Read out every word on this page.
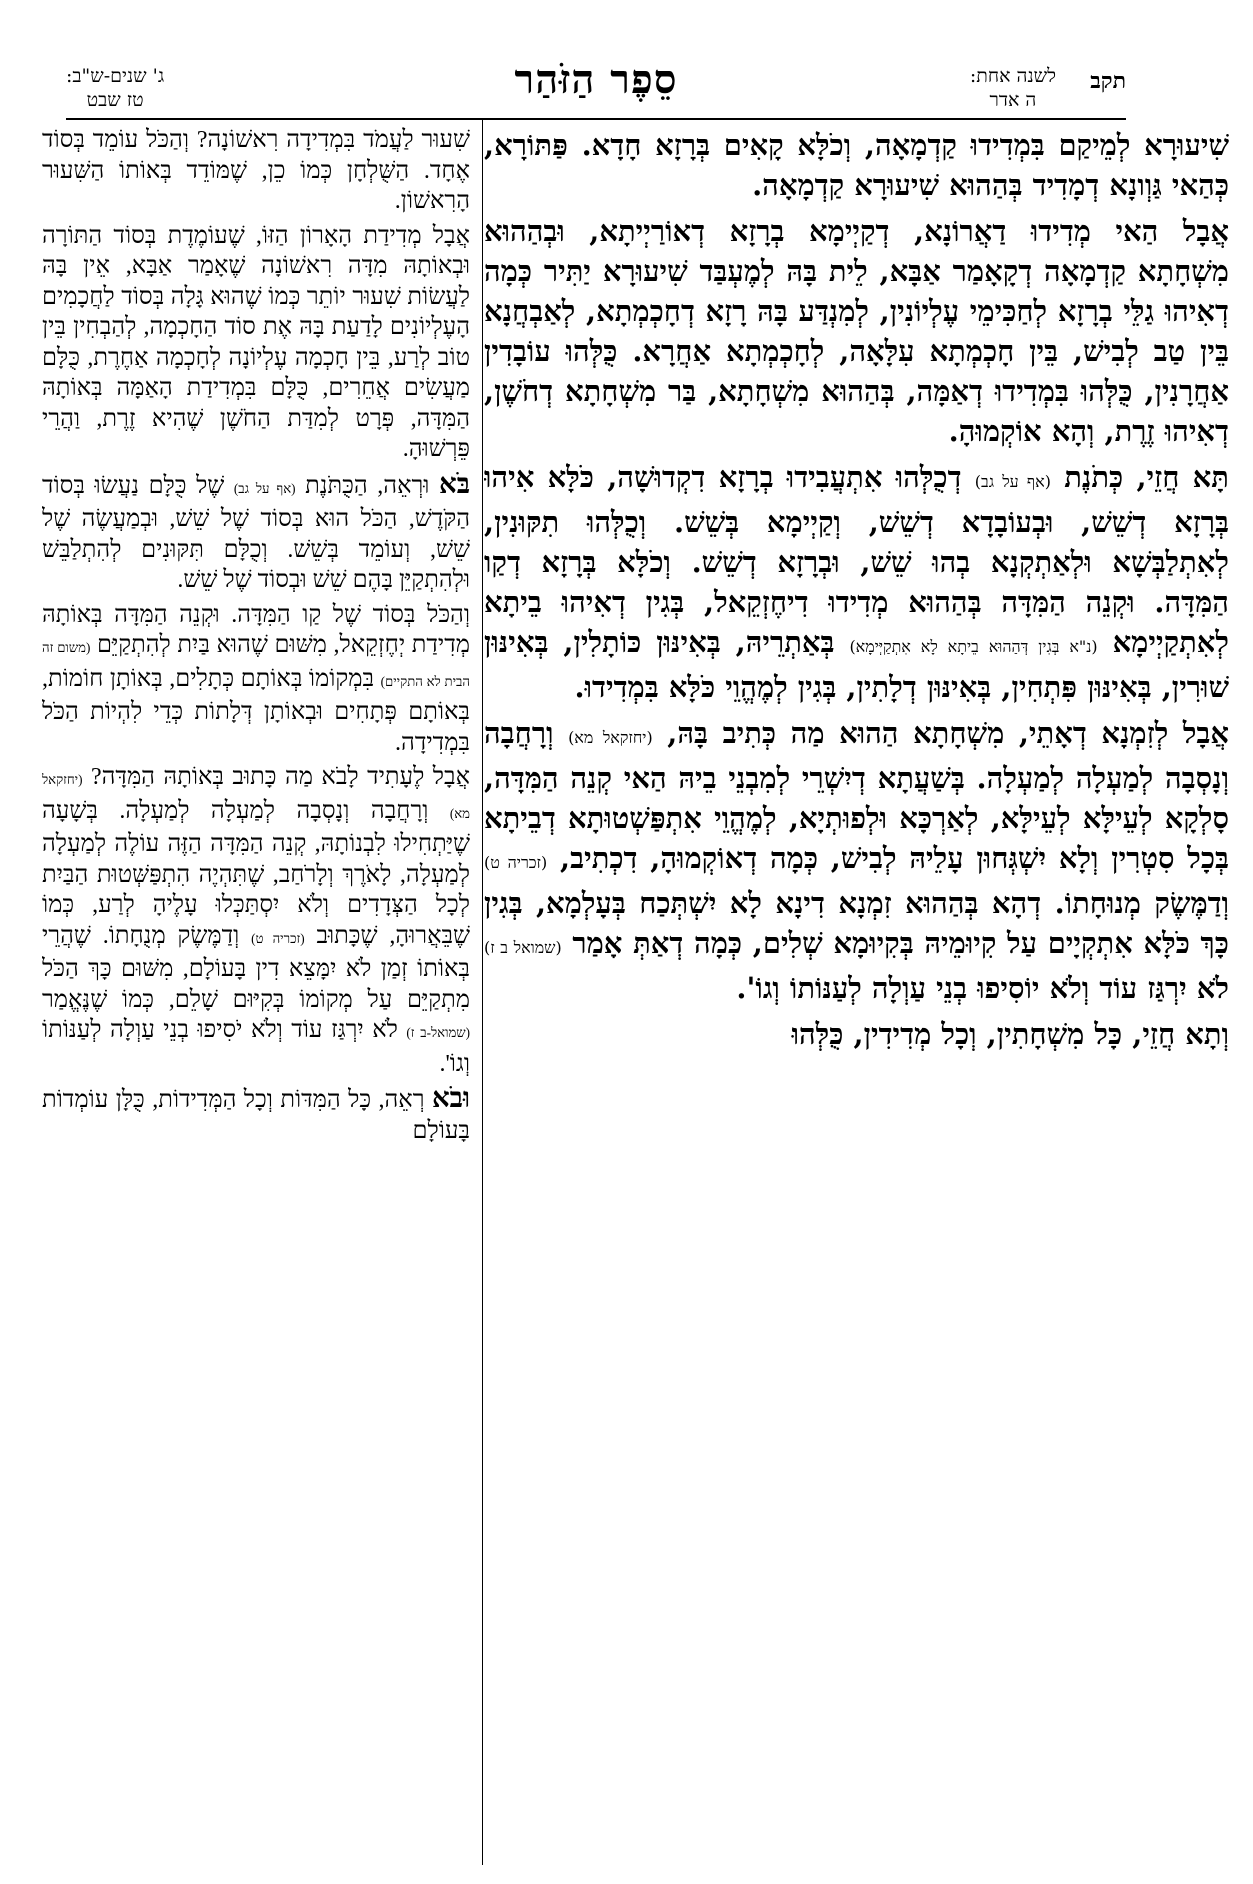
תקב
לשנה אחת:
ה אדר
סֵפֶר הַזֹּהַר
ג' שנים-ש"ב:
טז שבט

שִׁיעוּרָא לְמֵיקַם בִּמְדִידוּ קַדְמָאָה, וְכֹלָּא קָאִים בְּרָזָא חָדָא. פַּתּוֹרָא, כְּהַאי גַּוְונָא דְמָדִיד בְּהַהוּא שִׁיעוּרָא קַדְמָאָה.

אֲבָל הַאי מְדִידוּ דַאֲרוֹנָא, דְקַיְימָא בְרָזָא דְאוֹרַיְיתָא, וּבְהַהוּא מִשְׁחָתָא קַדְמָאָה דְקָאָמַר אַבָּא, לֵית בָּהּ לְמֶעְבַּד שִׁיעוּרָא יַתִּיר כְּמָה דְאִיהוּ גַלֵּי בְרָזָא לְחַכִּימֵי עֶלְיוֹנִין, לְמִנְדַּע בָּהּ רָזָא דְחָכְמְתָא, לְאַבְחֲנָא בֵּין טַב לְבִישׁ, בֵּין חָכְמְתָא עִלָּאָה, לְחָכְמְתָא אַחֲרָא. כֻּלְּהוּ עוֹבָדִין אַחֲרָנִין, כֻּלְּהוּ בִּמְדִידוּ דְאַמָּה, בְּהַהוּא מִשְׁחָתָא, בַּר מִשְׁחָתָא דְחֹשֶׁן, דְאִיהוּ זֶרֶת, וְהָא אוֹקְמוּהָ.

תָּא חֲזֵי, כְּתֹנֶת (אף על גב) דְכֻלְּהוּ אִתְעֲבִידוּ בְרָזָא דִקְדוּשָׁה, כֹּלָּא אִיהוּ בְּרָזָא דְשֵׁשׁ, וּבְעוֹבָדָא דְשֵׁשׁ, וְקַיְימָא בְּשֵׁשׁ. וְכֻלְּהוּ תִקּוּנִין, לְאִתְלַבְּשָׁא וּלְאַתְקְנָא בְהוּ שֵׁשׁ, וּבְרָזָא דְשֵׁשׁ. וְכֹלָּא בְּרָזָא דְקַו הַמִּדָּה. וּקְנֵה הַמִּדָּה בְּהַהוּא מְדִידוּ דִיחֶזְקֵאל, בְּגִין דְאִיהוּ בֵיתָא לְאִתְקַיְימָא (נ"א בְּגִין דְּהַהוּא בֵיתָא לָא אִתְקַיְּימָא) בְּאַתְרֵיהּ, בְּאִינּוּן כּוֹתָלִין, בְּאִינּוּן שׁוּרִין, בְּאִינּוּן פִּתְחִין, בְּאִינּוּן דְלָתִין, בְּגִין לְמֶהֱוֵי כֹּלָּא בִּמְדִידוּ.

אֲבָל לְזִמְנָא דְאָתֵי, מִשְׁחָתָא הַהוּא מַה כְּתִיב בָּהּ, (יחזקאל מא) וְרָחֲבָה וְנָסְבָה לְמַעְלָה לְמַעְלָה. בְּשַׁעֲתָא דְיִשְׁרֵי לְמִבְנֵי בֵיהּ הַאי קְנֵה הַמִּדָּה, סָלְקָא לְעֵילָּא לְעֵילָּא, לְאַרְכָּא וּלְפוּתְיָא, לְמֶהֱוֵי אִתְפַּשְׁטוּתָא דְבֵיתָא בְּכָל סִטְרִין וְלָא יִשְׁגְּחוּן עָלֵיהּ לְבִישׁ, כְּמָה דְאוֹקְמוּהָ, דִכְתִיב, (זכריה ט) וְדַמֶּשֶׂק מְנוּחָתוֹ. דְהָא בְּהַהוּא זִמְנָא דִינָא לָא יִשְׁתְּכַח בְּעָלְמָא, בְּגִין כָּךְ כֹּלָּא אִתְקְיָים עַל קִיוּמֵיהּ בְּקִיוּמָא שְׁלִים, כְּמָה דְאַתְּ אָמַר (שמואל ב ז) לֹא יִרְגַּז עוֹד וְלֹא יוֹסִיפוּ בְנֵי עַוְלָה לְעַנּוֹתוֹ וְגוֹ'.

וְתָא חֲזֵי, כָּל מִשְׁחָתִין, וְכָל מְדִידִין, כֻּלְּהוּ

שִׁעוּר לַעֲמֹד בִּמְדִידָה רִאשׁוֹנָה? וְהַכֹּל עוֹמֵד בְּסוֹד אֶחָד. הַשֻּׁלְחָן כְּמוֹ כֵן, שֶׁמּוֹדֵד בְּאוֹתוֹ הַשִּׁעוּר הָרִאשׁוֹן.

אֲבָל מְדִידַת הָאָרוֹן הַזּוֹ, שֶׁעוֹמֶדֶת בְּסוֹד הַתּוֹרָה וּבְאוֹתָהּ מִדָּה רִאשׁוֹנָה שֶׁאָמַר אַבָּא, אֵין בָּהּ לַעֲשׂוֹת שִׁעוּר יוֹתֵר כְּמוֹ שֶׁהוּא גָּלָה בְּסוֹד לַחֲכָמִים הָעֶלְיוֹנִים לָדַעַת בָּהּ אֶת סוֹד הַחָכְמָה, לְהַבְחִין בֵּין טוֹב לְרַע, בֵּין חָכְמָה עֶלְיוֹנָה לְחָכְמָה אַחֶרֶת, כֻּלָּם מַעֲשִׂים אֲחֵרִים, כֻּלָּם בִּמְדִידַת הָאַמָּה בְּאוֹתָהּ הַמִּדָּה, פְּרָט לְמִדַּת הַחֹשֶׁן שֶׁהִיא זֶרֶת, וַהֲרֵי פֵּרְשׁוּהָ.

בֹּא וּרְאֵה, הַכֻּתֹּנֶת (אף על גב) שֶׁל כֻּלָּם נַעֲשׂוּ בְּסוֹד הַקֹּדֶשׁ, הַכֹּל הוּא בְּסוֹד שֶׁל שֵׁשׁ, וּבְמַעֲשֶׂה שֶׁל שֵׁשׁ, וְעוֹמֵד בְּשֵׁשׁ. וְכֻלָּם תִּקּוּנִים לְהִתְלַבֵּשׁ וּלְהִתְקַיֵּן בָּהֶם שֵׁשׁ וּבְסוֹד שֶׁל שֵׁשׁ.

וְהַכֹּל בְּסוֹד שֶׁל קַו הַמִּדָּה. וּקְנֵה הַמִּדָּה בְּאוֹתָהּ מְדִידַת יְחֶזְקֵאל, מִשּׁוּם שֶׁהוּא בַּיִת לְהִתְקַיֵּם (משום זה הבית לא התקיים) בִּמְקוֹמוֹ בְּאוֹתָם כְּתָלִים, בְּאוֹתָן חוֹמוֹת, בְּאוֹתָם פְּתָחִים וּבְאוֹתָן דְּלָתוֹת כְּדֵי לִהְיוֹת הַכֹּל בִּמְדִידָה.

אֲבָל לֶעָתִיד לָבֹא מַה כָּתוּב בְּאוֹתָהּ הַמִּדָּה? (יחזקאל מא) וְרָחֲבָה וְנָסְבָה לְמַעְלָה לְמַעְלָה. בְּשָׁעָה שֶׁיַּתְחִילוּ לִבְנוֹתָהּ, קְנֵה הַמִּדָּה הַזֶּה עוֹלֶה לְמַעְלָה לְמַעְלָה, לָאֹרֶךְ וְלָרֹחַב, שֶׁתִּהְיֶה הִתְפַּשְּׁטוּת הַבַּיִת לְכָל הַצְּדָדִים וְלֹא יִסְתַּכְּלוּ עָלֶיהָ לְרַע, כְּמוֹ שֶׁבֵּאֲרוּהָ, שֶׁכָּתוּב (זכריה ט) וְדַמֶּשֶׂק מְנֻחָתוֹ. שֶׁהֲרֵי בְּאוֹתוֹ זְמַן לֹא יִמָּצֵא דִין בָּעוֹלָם, מִשּׁוּם כָּךְ הַכֹּל מִתְקַיֵּם עַל מְקוֹמוֹ בְּקִיּוּם שָׁלֵם, כְּמוֹ שֶׁנֶּאֱמַר (שמואל-ב ז) לֹא יִרְגַּז עוֹד וְלֹא יֹסִיפוּ בְנֵי עַוְלָה לְעַנּוֹתוֹ וְגוֹ'.

וּבֹא רְאֵה, כָּל הַמִּדּוֹת וְכָל הַמְּדִידוֹת, כֻּלָּן עוֹמְדוֹת בָּעוֹלָם
